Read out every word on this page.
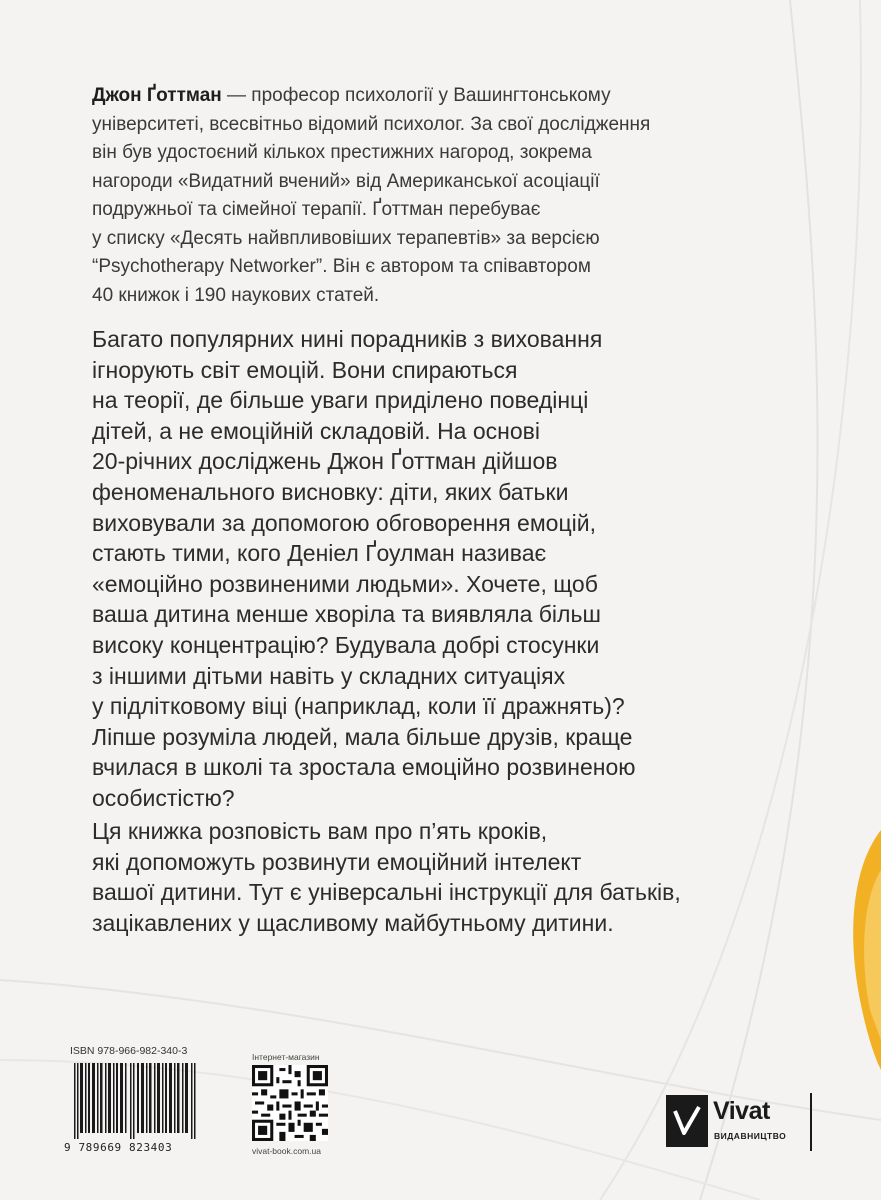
Джон Ґоттман — професор психології у Вашингтонському
університеті, всесвітньо відомий психолог. За свої дослідження
він був удостоєний кількох престижних нагород, зокрема
нагороди «Видатний вчений» від Американської асоціації
подружньої та сімейної терапії. Ґоттман перебуває
у списку «Десять найвпливовіших терапевтів» за версією
“Psychotherapy Networker”. Він є автором та співавтором
40 книжок і 190 наукових статей.

Багато популярних нині порадників з виховання
ігнорують світ емоцій. Вони спираються
на теорії, де більше уваги приділено поведінці
дітей, а не емоційній складовій. На основі
20-річних досліджень Джон Ґоттман дійшов
феноменального висновку: діти, яких батьки
виховували за допомогою обговорення емоцій,
стають тими, кого Деніел Ґоулман називає
«емоційно розвиненими людьми». Хочете, щоб
ваша дитина менше хворіла та виявляла більш
високу концентрацію? Будувала добрі стосунки
з іншими дітьми навіть у складних ситуаціях
у підлітковому віці (наприклад, коли її дражнять)?
Ліпше розуміла людей, мала більше друзів, краще
вчилася в школі та зростала емоційно розвиненою
особистістю?

Ця книжка розповість вам про п’ять кроків,
які допоможуть розвинути емоційний інтелект
вашої дитини. Тут є універсальні інструкції для батьків,
зацікавлених у щасливому майбутньому дитини.

ISBN 978-966-982-340-3
9 789669 823403
Інтернет-магазин
vivat-book.com.ua
Vivat
ВИДАВНИЦТВО
